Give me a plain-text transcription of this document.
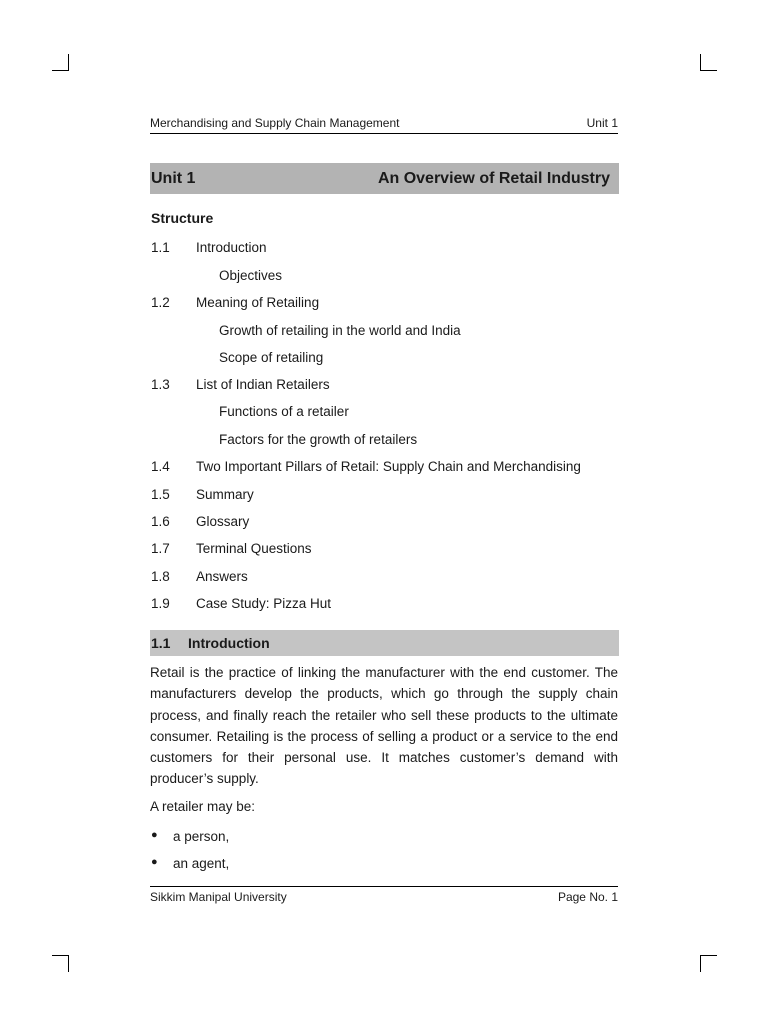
Merchandising and Supply Chain Management	Unit 1
Unit 1	An Overview of Retail Industry
Structure
1.1 Introduction
Objectives
1.2 Meaning of Retailing
Growth of retailing in the world and India
Scope of retailing
1.3 List of Indian Retailers
Functions of a retailer
Factors for the growth of retailers
1.4 Two Important Pillars of Retail: Supply Chain and Merchandising
1.5 Summary
1.6 Glossary
1.7 Terminal Questions
1.8 Answers
1.9 Case Study: Pizza Hut
1.1	Introduction
Retail is the practice of linking the manufacturer with the end customer. The manufacturers develop the products, which go through the supply chain process, and finally reach the retailer who sell these products to the ultimate consumer. Retailing is the process of selling a product or a service to the end customers for their personal use. It matches customer’s demand with producer’s supply.
A retailer may be:
●	a person,
●	an agent,
Sikkim Manipal University	Page No. 1
